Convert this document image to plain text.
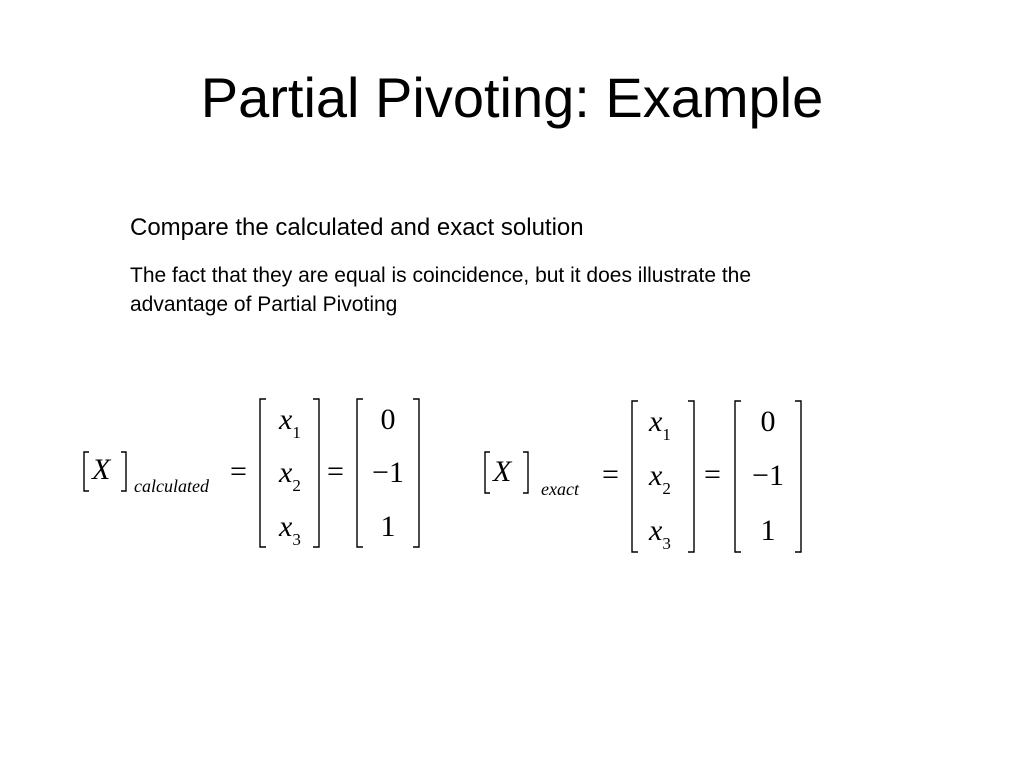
Partial Pivoting: Example

Compare the calculated and exact solution

The fact that they are equal is coincidence, but it does illustrate the advantage of Partial Pivoting

X calculated =
$x_1$
$x_2$
$x_3$
=
0
−1
1
X
exact =
$x_1$
$x_2$
$x_3$
=
0
−1
1
